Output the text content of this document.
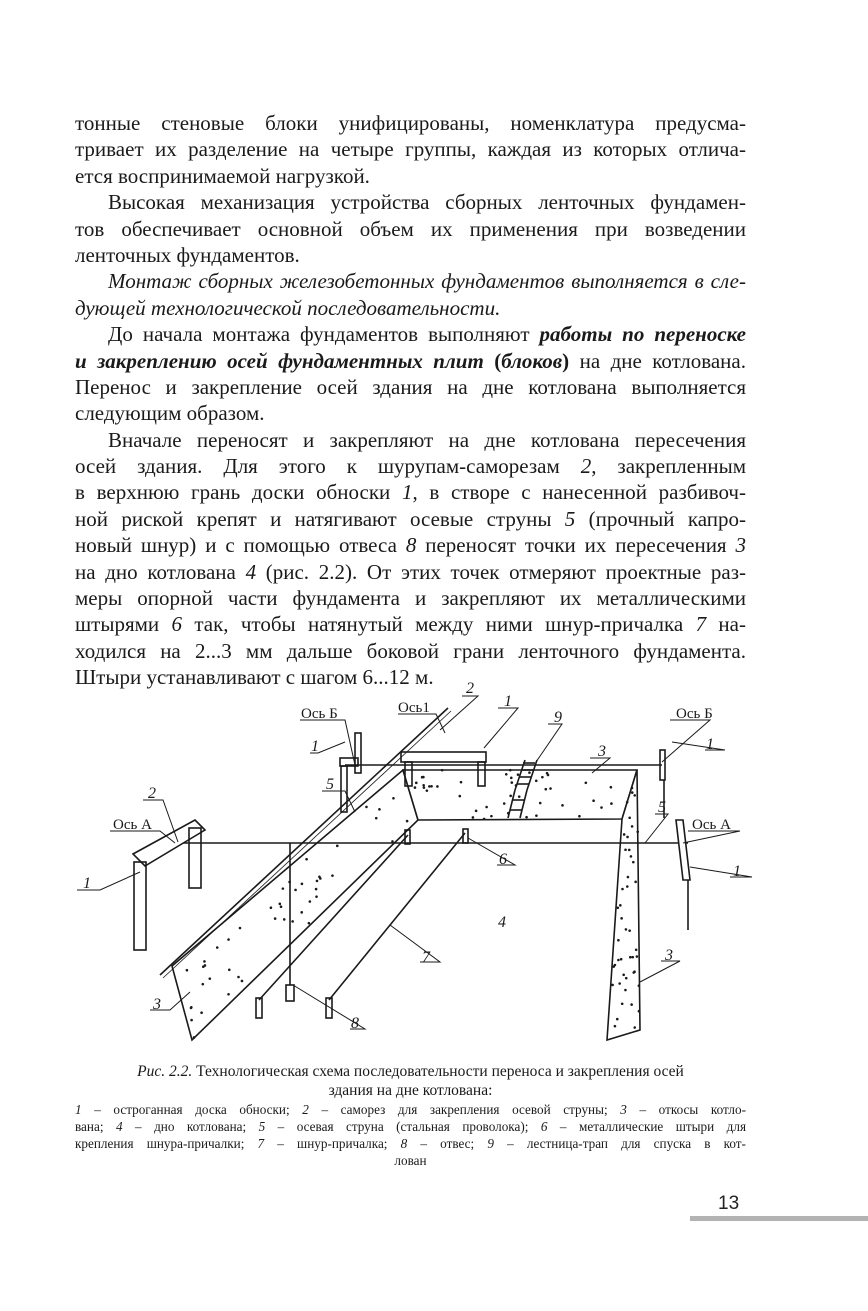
тонные стеновые блоки унифицированы, номенклатура предусма-
тривает их разделение на четыре группы, каждая из которых отлича-
ется воспринимаемой нагрузкой.
Высокая механизация устройства сборных ленточных фундамен-
тов обеспечивает основной объем их применения при возведении
ленточных фундаментов.
Монтаж сборных железобетонных фундаментов выполняется в сле-
дующей технологической последовательности.
До начала монтажа фундаментов выполняют работы по переноске
и закреплению осей фундаментных плит (блоков) на дне котлована.
Перенос и закрепление осей здания на дне котлована выполняется
следующим образом.
Вначале переносят и закрепляют на дне котлована пересечения
осей здания. Для этого к шурупам-саморезам 2, закрепленным
в верхнюю грань доски обноски 1, в створе с нанесенной разбивоч-
ной риской крепят и натягивают осевые струны 5 (прочный капро-
новый шнур) и с помощью отвеса 8 переносят точки их пересечения 3
на дно котлована 4 (рис. 2.2). От этих точек отмеряют проектные раз-
меры опорной части фундамента и закрепляют их металлическими
штырями 6 так, чтобы натянутый между ними шнур-причалка 7 на-
ходился на 2...3 мм дальше боковой грани ленточного фундамента.
Штыри устанавливают с шагом 6...12 м.
Ось Б	Ось1	Ось Б
Ось А	Ось А
2
1
9
1	1
3
2
5
5
6
1
1
4
7	3
3
8
Рис. 2.2. Технологическая схема последовательности переноса и закрепления осей
здания на дне котлована:
1 – остроганная доска обноски; 2 – саморез для закрепления осевой струны; 3 – откосы котло-
вана; 4 – дно котлована; 5 – осевая струна (стальная проволока); 6 – металлические штыри для
крепления шнура-причалки; 7 – шнур-причалка; 8 – отвес; 9 – лестница-трап для спуска в кот-
лован
13
